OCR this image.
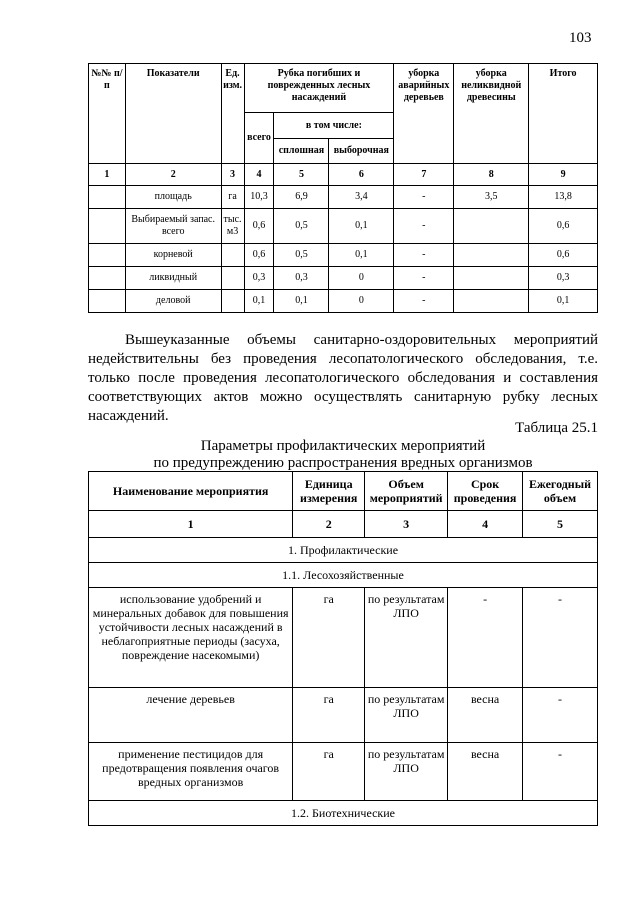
103
№№ п/п	Показатели	Ед. изм.	Рубка погибших и поврежденных лесных насаждений			уборка аварийных деревьев	уборка неликвидной древесины	Итого
			всего	в том числе:				
				сплошная	выборочная			
1	2	3	4	5	6	7	8	9
	площадь	га	10,3	6,9	3,4	-	3,5	13,8
	Выбираемый запас. всего	тыс. м3	0,6	0,5	0,1	-		0,6
	корневой		0,6	0,5	0,1	-		0,6
	ликвидный		0,3	0,3	0	-		0,3
	деловой		0,1	0,1	0	-		0,1

Вышеуказанные объемы санитарно-оздоровительных мероприятий недействительны без проведения лесопатологического обследования, т.е. только после проведения лесопатологического обследования и составления соответствующих актов можно осуществлять санитарную рубку лесных насаждений.

Таблица 25.1
Параметры профилактических мероприятий
по предупреждению распространения вредных организмов
Наименование мероприятия	Единица измерения	Объем мероприятий	Срок проведения	Ежегодный объем
1	2	3	4	5
1. Профилактические				
1.1. Лесохозяйственные				
использование удобрений и минеральных добавок для повышения устойчивости лесных насаждений в неблагоприятные периоды (засуха, повреждение насекомыми)	га	по результатам ЛПО	-	-
лечение деревьев	га	по результатам ЛПО	весна	-
применение пестицидов для предотвращения появления очагов вредных организмов	га	по результатам ЛПО	весна	-
1.2. Биотехнические				
